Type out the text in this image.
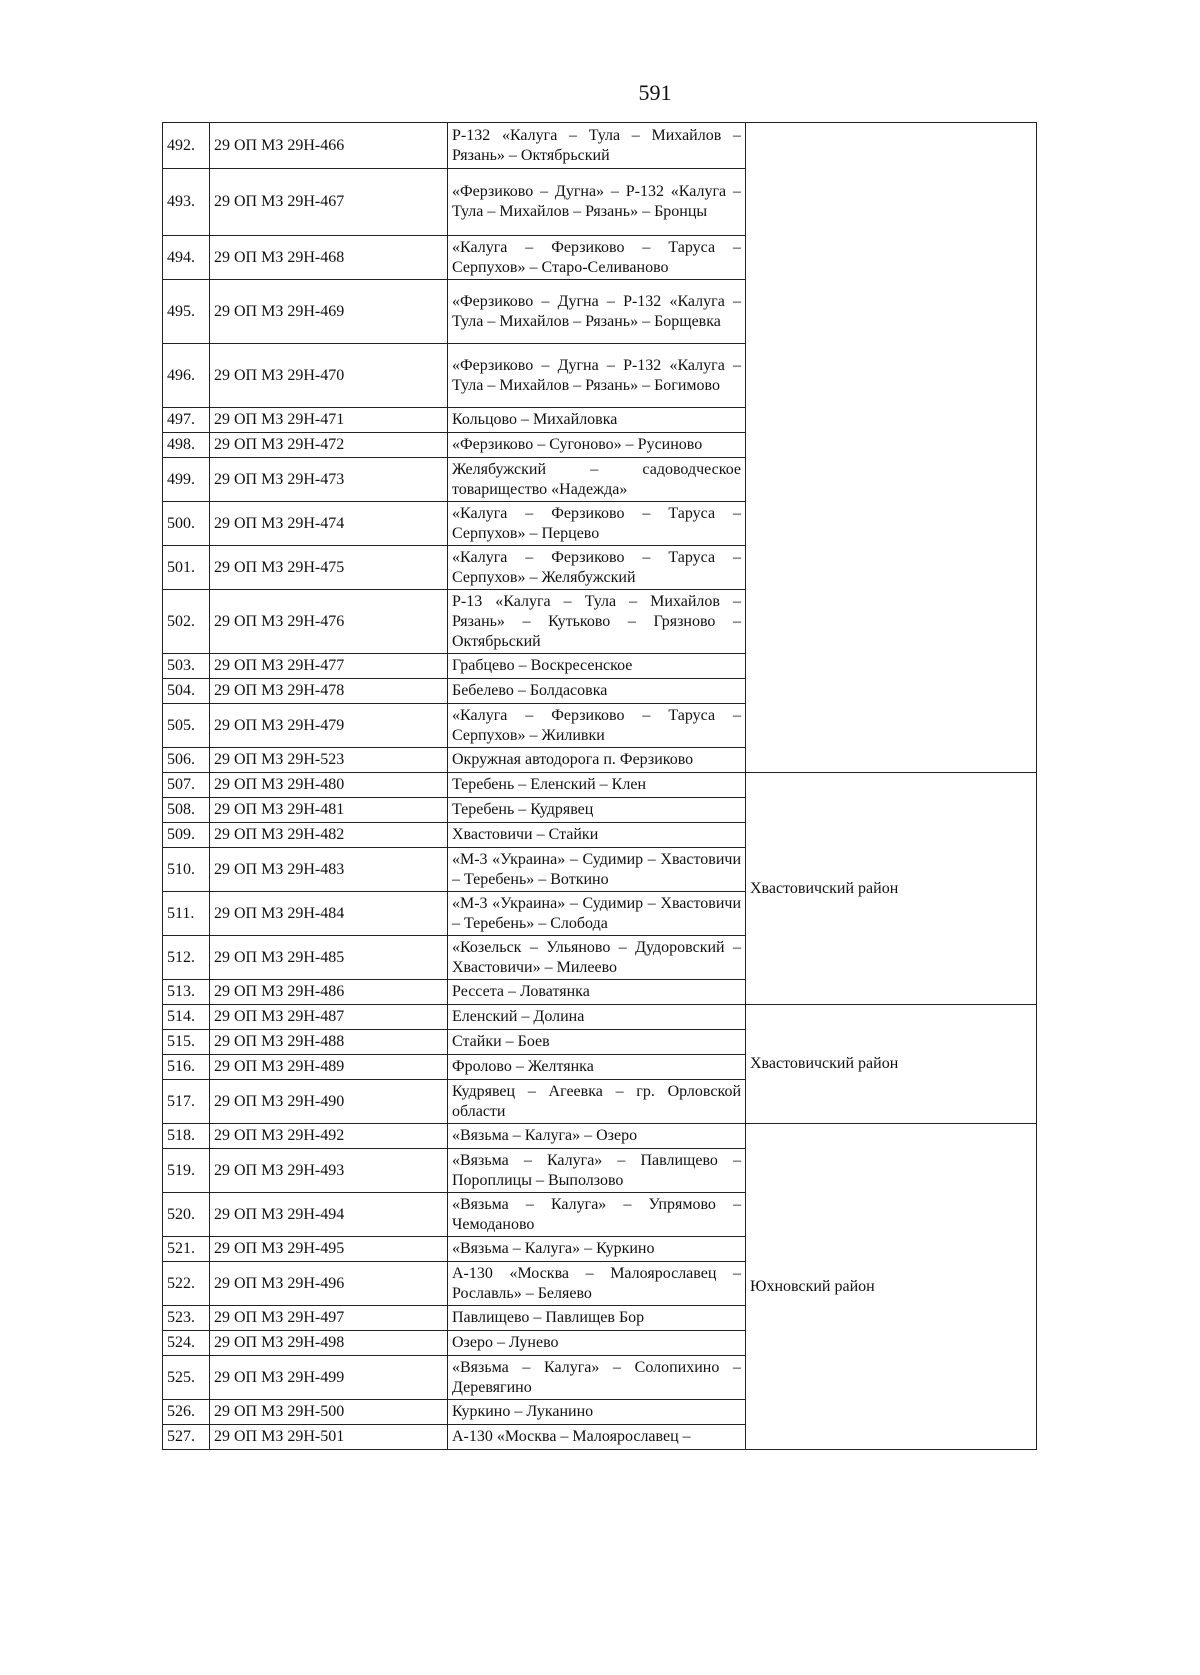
591
492.	29 ОП МЗ 29Н-466	Р-132 «Калуга – Тула – Михайлов – Рязань» – Октябрьский	
493.	29 ОП МЗ 29Н-467	«Ферзиково – Дугна» – Р-132 «Калуга – Тула – Михайлов – Рязань» – Бронцы	
494.	29 ОП МЗ 29Н-468	«Калуга – Ферзиково – Таруса – Серпухов» – Старо-Селиваново	
495.	29 ОП МЗ 29Н-469	«Ферзиково – Дугна – Р-132 «Калуга – Тула – Михайлов – Рязань» – Борщевка	
496.	29 ОП МЗ 29Н-470	«Ферзиково – Дугна – Р-132 «Калуга – Тула – Михайлов – Рязань» – Богимово	
497.	29 ОП МЗ 29Н-471	Кольцово – Михайловка	
498.	29 ОП МЗ 29Н-472	«Ферзиково – Сугоново» – Русиново	
499.	29 ОП МЗ 29Н-473	Желябужский – садоводческое товарищество «Надежда»	
500.	29 ОП МЗ 29Н-474	«Калуга – Ферзиково – Таруса – Серпухов» – Перцево	
501.	29 ОП МЗ 29Н-475	«Калуга – Ферзиково – Таруса – Серпухов» – Желябужский	
502.	29 ОП МЗ 29Н-476	Р-13 «Калуга – Тула – Михайлов – Рязань» – Кутьково – Грязново – Октябрьский	
503.	29 ОП МЗ 29Н-477	Грабцево – Воскресенское	
504.	29 ОП МЗ 29Н-478	Бебелево – Болдасовка	
505.	29 ОП МЗ 29Н-479	«Калуга – Ферзиково – Таруса – Серпухов» – Жиливки	
506.	29 ОП МЗ 29Н-523	Окружная автодорога п. Ферзиково	
507.	29 ОП МЗ 29Н-480	Теребень – Еленский – Клен	Хвастовичский район
508.	29 ОП МЗ 29Н-481	Теребень – Кудрявец	
509.	29 ОП МЗ 29Н-482	Хвастовичи – Стайки	
510.	29 ОП МЗ 29Н-483	«М-3 «Украина» – Судимир – Хвастовичи – Теребень» – Воткино	
511.	29 ОП МЗ 29Н-484	«М-3 «Украина» – Судимир – Хвастовичи – Теребень» – Слобода	
512.	29 ОП МЗ 29Н-485	«Козельск – Ульяново – Дудоровский – Хвастовичи» – Милеево	
513.	29 ОП МЗ 29Н-486	Рессета – Ловатянка	
514.	29 ОП МЗ 29Н-487	Еленский – Долина	Хвастовичский район
515.	29 ОП МЗ 29Н-488	Стайки – Боев	
516.	29 ОП МЗ 29Н-489	Фролово – Желтянка	
517.	29 ОП МЗ 29Н-490	Кудрявец – Агеевка – гр. Орловской области	
518.	29 ОП МЗ 29Н-492	«Вязьма – Калуга» – Озеро	Юхновский район
519.	29 ОП МЗ 29Н-493	«Вязьма – Калуга» – Павлищево – Пороплицы – Выползово	
520.	29 ОП МЗ 29Н-494	«Вязьма – Калуга» – Упрямово – Чемоданово	
521.	29 ОП МЗ 29Н-495	«Вязьма – Калуга» – Куркино	
522.	29 ОП МЗ 29Н-496	А-130 «Москва – Малоярославец – Рославль» – Беляево	
523.	29 ОП МЗ 29Н-497	Павлищево – Павлищев Бор	
524.	29 ОП МЗ 29Н-498	Озеро – Лунево	
525.	29 ОП МЗ 29Н-499	«Вязьма – Калуга» – Солопихино – Деревягино	
526.	29 ОП МЗ 29Н-500	Куркино – Луканино	
527.	29 ОП МЗ 29Н-501	А-130 «Москва – Малоярославец –	
